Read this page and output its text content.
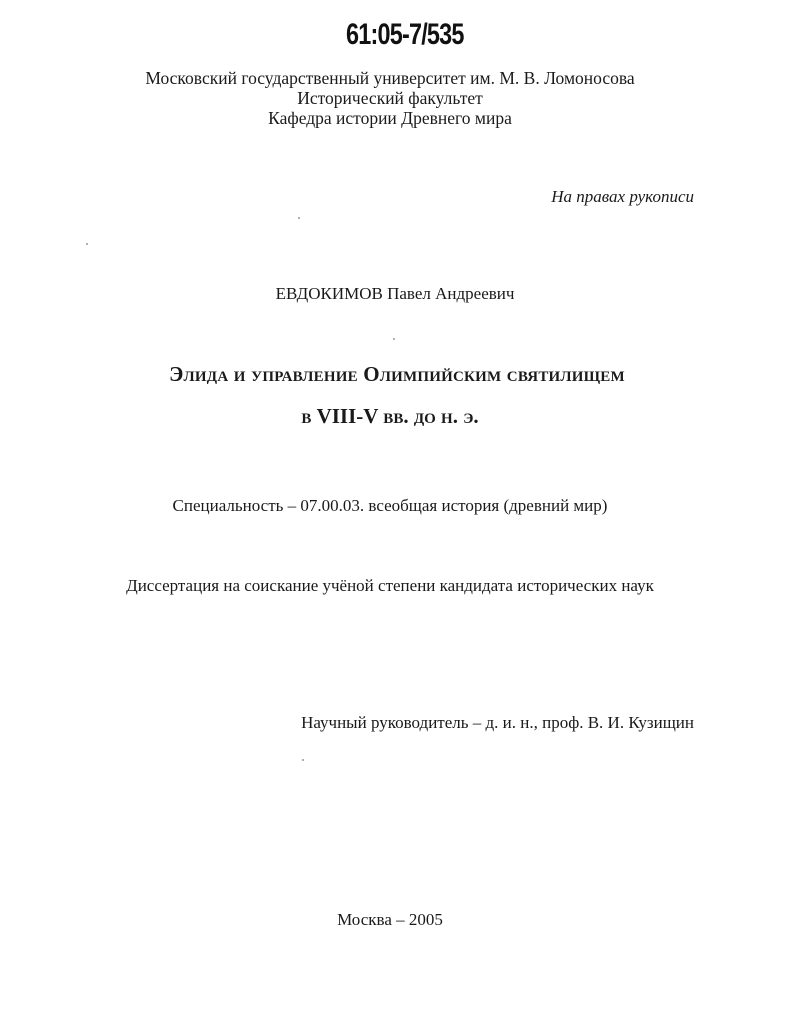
61:05-7/535
Московский государственный университет им. М. В. Ломоносова
Исторический факультет
Кафедра истории Древнего мира
На правах рукописи
ЕВДОКИМОВ Павел Андреевич
Элида и управление Олимпийским святилищем
в VIII-V вв. до н. э.
Специальность – 07.00.03. всеобщая история (древний мир)
Диссертация на соискание учёной степени кандидата исторических наук
Научный руководитель – д. и. н., проф. В. И. Кузищин
Москва – 2005
